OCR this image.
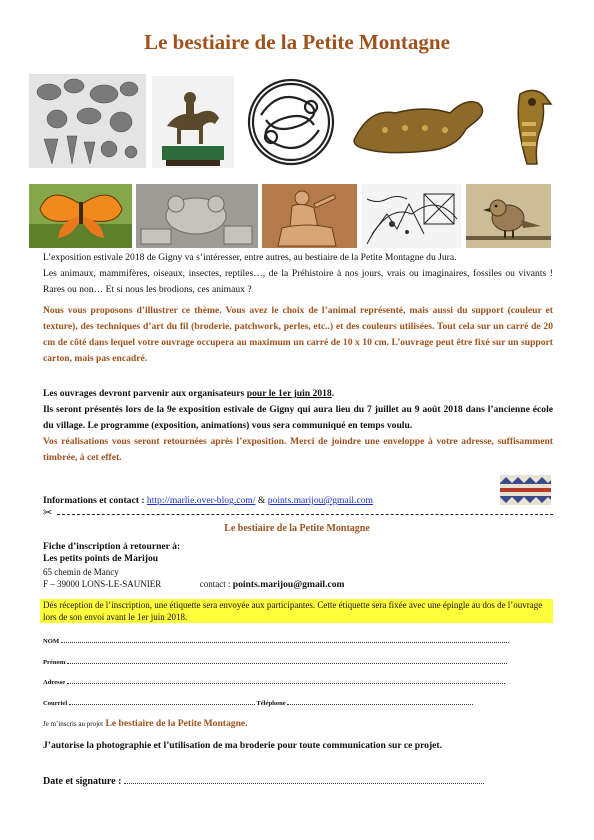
Le bestiaire de la Petite Montagne
L’exposition estivale 2018 de Gigny va s’intéresser, entre autres, au bestiaire de la Petite Montagne du Jura.
Les animaux, mammifères, oiseaux, insectes, reptiles…, de la Préhistoire à nos jours, vrais ou imaginaires, fossiles ou vivants ! Rares ou non… Et si nous les brodions, ces animaux ?
Nous vous proposons d’illustrer ce thème. Vous avez le choix de l’animal représenté, mais aussi du support (couleur et texture), des techniques d’art du fil (broderie, patchwork, perles, etc..) et des couleurs utilisées. Tout cela sur un carré de 20 cm de côté dans lequel votre ouvrage occupera au maximum un carré de 10 x 10 cm. L’ouvrage peut être fixé sur un support carton, mais pas encadré.
Les ouvrages devront parvenir aux organisateurs pour le 1er juin 2018.
Ils seront présentés lors de la 9e exposition estivale de Gigny qui aura lieu du 7 juillet au 9 août 2018 dans l’ancienne école du village. Le programme (exposition, animations) vous sera communiqué en temps voulu.
Vos réalisations vous seront retournées après l’exposition. Merci de joindre une enveloppe à votre adresse, suffisamment timbrée, à cet effet.
Informations et contact : http://marlie.over-blog.com/ & points.marijou@gmail.com
✂
Le bestiaire de la Petite Montagne
Fiche d’inscription à retourner à:
Les petits points de Marijou
65 chemin de Mancy
F – 39000 LONS-LE-SAUNIER	contact : points.marijou@gmail.com
Dès réception de l’inscription, une étiquette sera envoyée aux participantes. Cette étiquette sera fixée avec une épingle au dos de l’ouvrage lors de son envoi avant le 1er juin 2018.
NOM
Prénom
Adresse
Courriel	Téléphone
Je m’inscris au projet Le bestiaire de la Petite Montagne.
J’autorise la photographie et l’utilisation de ma broderie pour toute communication sur ce projet.
Date et signature :
